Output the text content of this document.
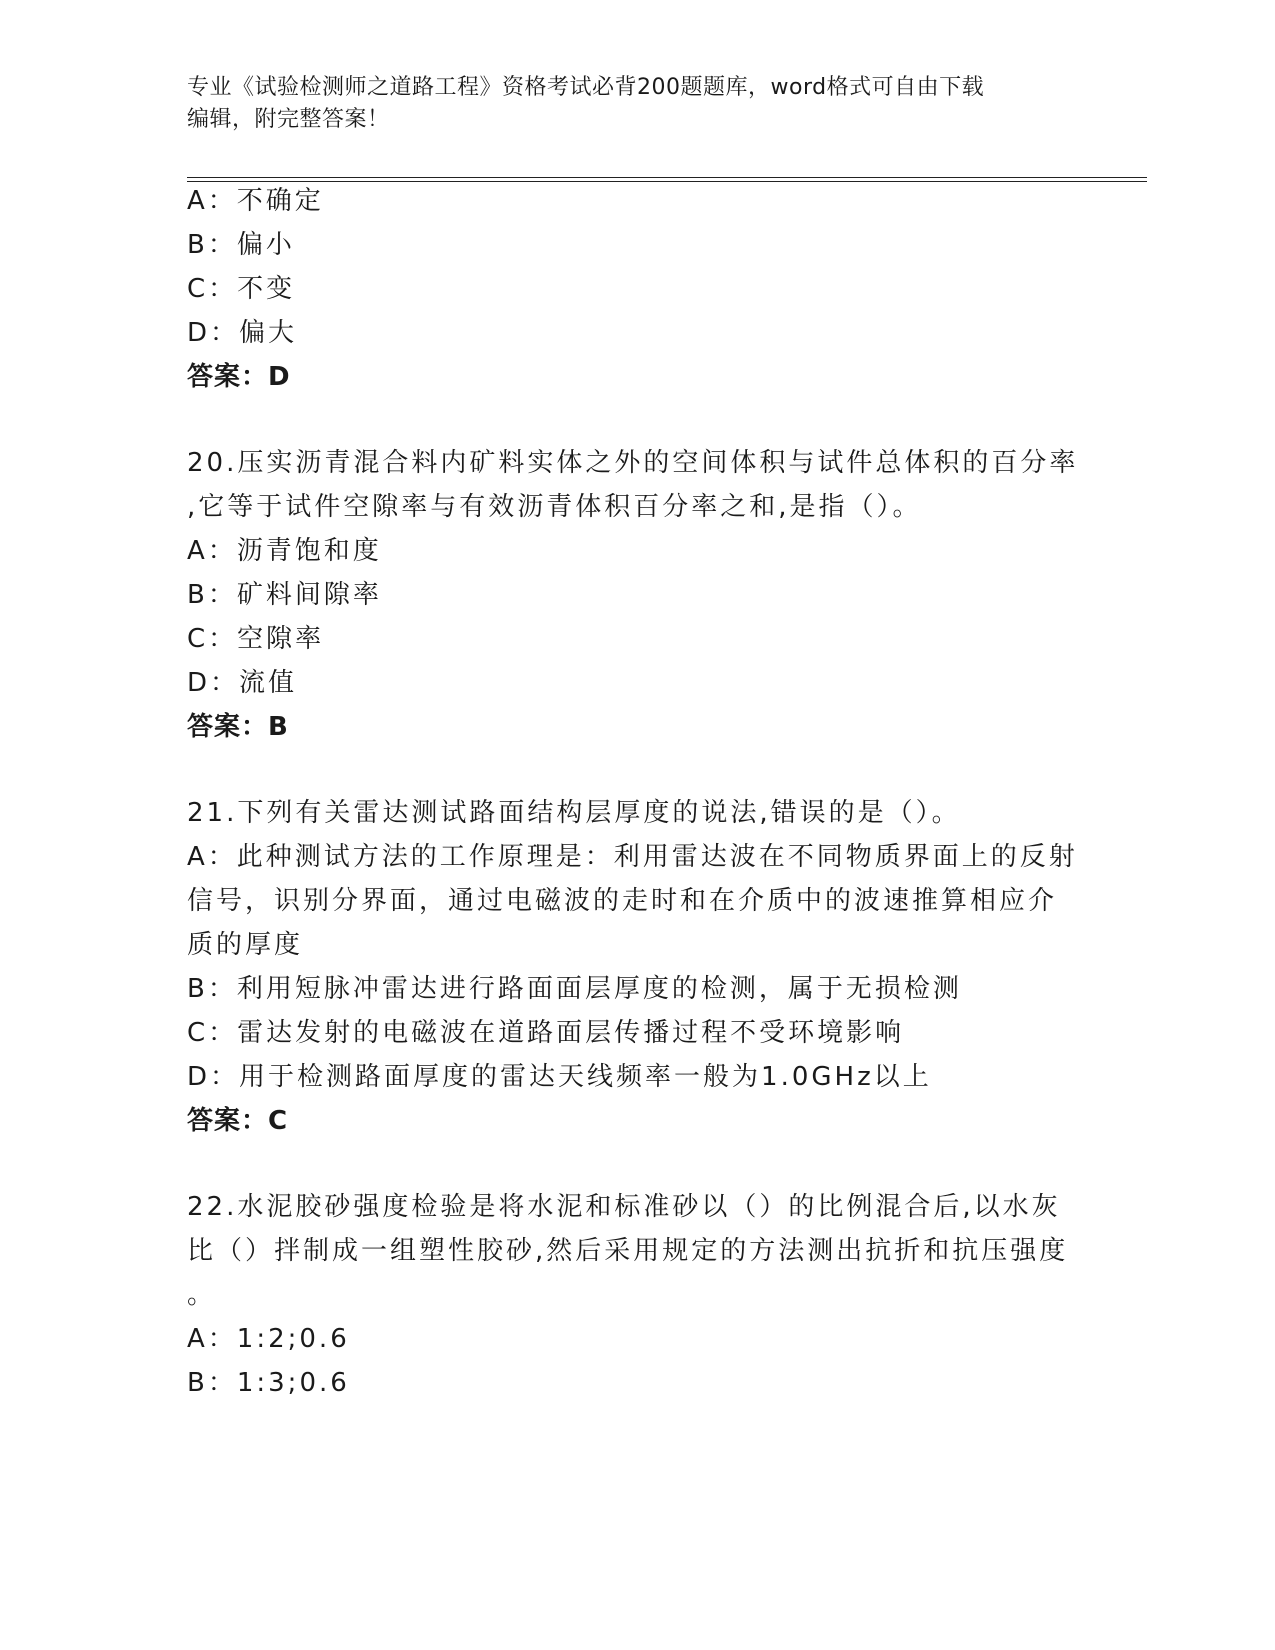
专业《试验检测师之道路工程》资格考试必背200题题库，word格式可自由下载
编辑，附完整答案！
A：不确定
B：偏小
C：不变
D：偏大
答案：D
20.压实沥青混合料内矿料实体之外的空间体积与试件总体积的百分率
,它等于试件空隙率与有效沥青体积百分率之和,是指（）。
A：沥青饱和度
B：矿料间隙率
C：空隙率
D：流值
答案：B
21.下列有关雷达测试路面结构层厚度的说法,错误的是（）。
A：此种测试方法的工作原理是：利用雷达波在不同物质界面上的反射
信号，识别分界面，通过电磁波的走时和在介质中的波速推算相应介
质的厚度
B：利用短脉冲雷达进行路面面层厚度的检测，属于无损检测
C：雷达发射的电磁波在道路面层传播过程不受环境影响
D：用于检测路面厚度的雷达天线频率一般为1.0GHz以上
答案：C
22.水泥胶砂强度检验是将水泥和标准砂以（）的比例混合后,以水灰
比（）拌制成一组塑性胶砂,然后采用规定的方法测出抗折和抗压强度
。
A：1:2;0.6
B：1:3;0.6
